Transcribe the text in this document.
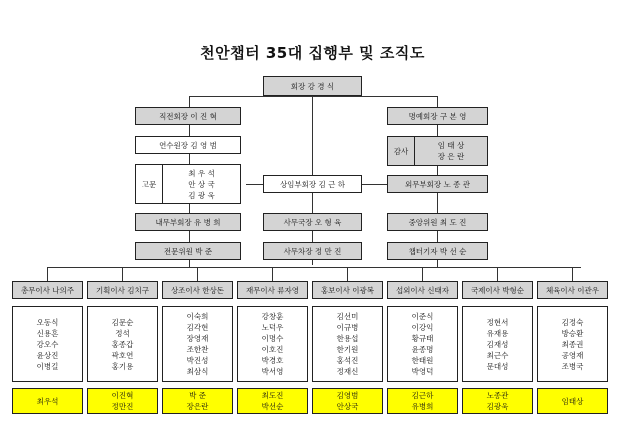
천안챕터 35대 집행부 및 조직도
회장 강 경 식
직전회장 이 진 혁
연수원장 김 영 범
고문
최 우 석
안 상 국
김 광 욱
내무부회장 유 병 희
전문위원 박 준
명예회장 구 본 영
감사
임 태 상
장 은 란
외무부회장 노 종 관
중앙위원 최 도 진
챕터기자 박 선 순
상임부회장 김 근 하
사무국장 오 형 육
사무차장 정 만 진
총무이사 나의주
오동식
신용흔
강오수
윤상진
이병길
최우석
기획이사 김치구
김문순
정석
홍종갑
곽호연
홍기용
이진혁
정만진
상조이사 한상돈
이숙희
김각현
장영재
조한찬
박진성
최삼식
박 준
장은란
재무이사 류자영
강창훈
노덕우
이명수
이호진
박경호
박서영
최도진
박선순
홍보이사 이광복
김선미
이규병
한용섭
한기원
홍석진
정재신
김영범
안상국
섭외이사 신태자
이준식
이강익
황규태
윤종명
한태원
박영덕
김근하
유병희
국제이사 박형순
정현서
유재용
김재성
최근수
문대성
노종관
김광욱
체육이사 이관우
김정숙
방승환
최종권
공영재
조병국
임태상
